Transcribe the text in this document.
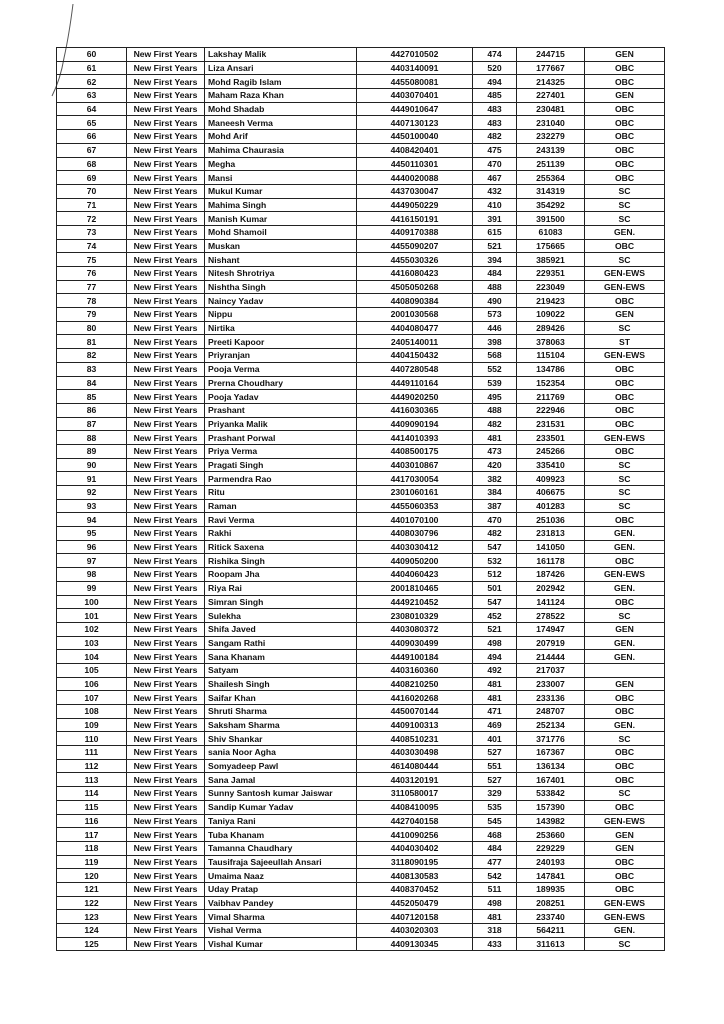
60	New First Years	Lakshay Malik	4427010502	474	244715	GEN
61	New First Years	Liza Ansari	4403140091	520	177667	OBC
62	New First Years	Mohd Ragib Islam	4455080081	494	214325	OBC
63	New First Years	Maham Raza Khan	4403070401	485	227401	GEN
64	New First Years	Mohd Shadab	4449010647	483	230481	OBC
65	New First Years	Maneesh Verma	4407130123	483	231040	OBC
66	New First Years	Mohd Arif	4450100040	482	232279	OBC
67	New First Years	Mahima Chaurasia	4408420401	475	243139	OBC
68	New First Years	Megha	4450110301	470	251139	OBC
69	New First Years	Mansi	4440020088	467	255364	OBC
70	New First Years	Mukul Kumar	4437030047	432	314319	SC
71	New First Years	Mahima Singh	4449050229	410	354292	SC
72	New First Years	Manish Kumar	4416150191	391	391500	SC
73	New First Years	Mohd Shamoil	4409170388	615	61083	GEN.
74	New First Years	Muskan	4455090207	521	175665	OBC
75	New First Years	Nishant	4455030326	394	385921	SC
76	New First Years	Nitesh Shrotriya	4416080423	484	229351	GEN-EWS
77	New First Years	Nishtha Singh	4505050268	488	223049	GEN-EWS
78	New First Years	Naincy Yadav	4408090384	490	219423	OBC
79	New First Years	Nippu	2001030568	573	109022	GEN
80	New First Years	Nirtika	4404080477	446	289426	SC
81	New First Years	Preeti Kapoor	2405140011	398	378063	ST
82	New First Years	Priyranjan	4404150432	568	115104	GEN-EWS
83	New First Years	Pooja Verma	4407280548	552	134786	OBC
84	New First Years	Prerna Choudhary	4449110164	539	152354	OBC
85	New First Years	Pooja Yadav	4449020250	495	211769	OBC
86	New First Years	Prashant	4416030365	488	222946	OBC
87	New First Years	Priyanka Malik	4409090194	482	231531	OBC
88	New First Years	Prashant Porwal	4414010393	481	233501	GEN-EWS
89	New First Years	Priya Verma	4408500175	473	245266	OBC
90	New First Years	Pragati Singh	4403010867	420	335410	SC
91	New First Years	Parmendra Rao	4417030054	382	409923	SC
92	New First Years	Ritu	2301060161	384	406675	SC
93	New First Years	Raman	4455060353	387	401283	SC
94	New First Years	Ravi Verma	4401070100	470	251036	OBC
95	New First Years	Rakhi	4408030796	482	231813	GEN.
96	New First Years	Ritick Saxena	4403030412	547	141050	GEN.
97	New First Years	Rishika Singh	4409050200	532	161178	OBC
98	New First Years	Roopam Jha	4404060423	512	187426	GEN-EWS
99	New First Years	Riya Rai	2001810465	501	202942	GEN.
100	New First Years	Simran Singh	4449210452	547	141124	OBC
101	New First Years	Sulekha	2308010329	452	278522	SC
102	New First Years	Shifa Javed	4403080372	521	174947	GEN
103	New First Years	Sangam Rathi	4409030499	498	207919	GEN.
104	New First Years	Sana Khanam	4449100184	494	214444	GEN.
105	New First Years	Satyam	4403160360	492	217037	
106	New First Years	Shailesh Singh	4408210250	481	233007	GEN
107	New First Years	Saifar Khan	4416020268	481	233136	OBC
108	New First Years	Shruti Sharma	4450070144	471	248707	OBC
109	New First Years	Saksham Sharma	4409100313	469	252134	GEN.
110	New First Years	Shiv Shankar	4408510231	401	371776	SC
111	New First Years	sania Noor Agha	4403030498	527	167367	OBC
112	New First Years	Somyadeep Pawl	4614080444	551	136134	OBC
113	New First Years	Sana Jamal	4403120191	527	167401	OBC
114	New First Years	Sunny Santosh kumar Jaiswar	3110580017	329	533842	SC
115	New First Years	Sandip Kumar Yadav	4408410095	535	157390	OBC
116	New First Years	Taniya Rani	4427040158	545	143982	GEN-EWS
117	New First Years	Tuba Khanam	4410090256	468	253660	GEN
118	New First Years	Tamanna Chaudhary	4404030402	484	229229	GEN
119	New First Years	Tausifraja Sajeeullah Ansari	3118090195	477	240193	OBC
120	New First Years	Umaima Naaz	4408130583	542	147841	OBC
121	New First Years	Uday Pratap	4408370452	511	189935	OBC
122	New First Years	Vaibhav Pandey	4452050479	498	208251	GEN-EWS
123	New First Years	Vimal Sharma	4407120158	481	233740	GEN-EWS
124	New First Years	Vishal Verma	4403020303	318	564211	GEN.
125	New First Years	Vishal Kumar	4409130345	433	311613	SC
